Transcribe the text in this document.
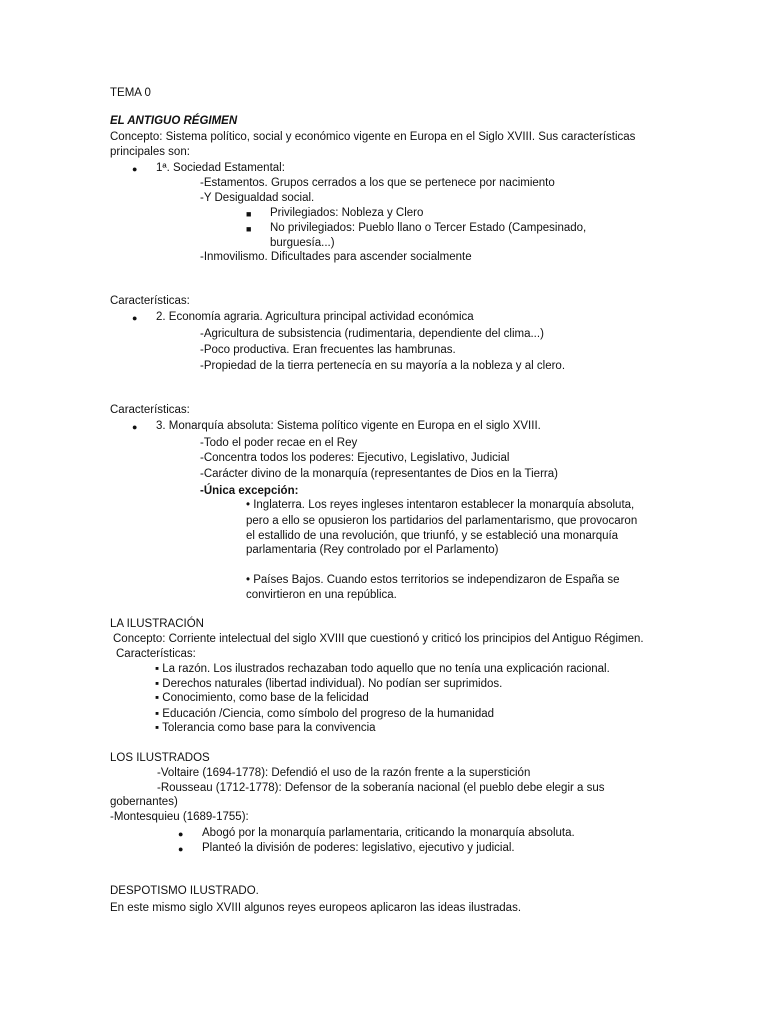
TEMA 0
EL ANTIGUO RÉGIMEN
Concepto: Sistema político, social y económico vigente en Europa en el Siglo XVIII. Sus características
principales son:
● 1ª. Sociedad Estamental:
-Estamentos. Grupos cerrados a los que se pertenece por nacimiento
-Y Desigualdad social.
■ Privilegiados: Nobleza y Clero
■ No privilegiados: Pueblo llano o Tercer Estado (Campesinado,
burguesía...)
-Inmovilismo. Dificultades para ascender socialmente
Características:
● 2. Economía agraria. Agricultura principal actividad económica
-Agricultura de subsistencia (rudimentaria, dependiente del clima...)
-Poco productiva. Eran frecuentes las hambrunas.
-Propiedad de la tierra pertenecía en su mayoría a la nobleza y al clero.
Características:
● 3. Monarquía absoluta: Sistema político vigente en Europa en el siglo XVIII.
-Todo el poder recae en el Rey
-Concentra todos los poderes: Ejecutivo, Legislativo, Judicial
-Carácter divino de la monarquía (representantes de Dios en la Tierra)
-Única excepción:
• Inglaterra. Los reyes ingleses intentaron establecer la monarquía absoluta,
pero a ello se opusieron los partidarios del parlamentarismo, que provocaron
el estallido de una revolución, que triunfó, y se estableció una monarquía
parlamentaria (Rey controlado por el Parlamento)
• Países Bajos. Cuando estos territorios se independizaron de España se
convirtieron en una república.
LA ILUSTRACIÓN
Concepto: Corriente intelectual del siglo XVIII que cuestionó y criticó los principios del Antiguo Régimen.
Características:
▪ La razón. Los ilustrados rechazaban todo aquello que no tenía una explicación racional.
▪ Derechos naturales (libertad individual). No podían ser suprimidos.
▪ Conocimiento, como base de la felicidad
▪ Educación /Ciencia, como símbolo del progreso de la humanidad
▪ Tolerancia como base para la convivencia
LOS ILUSTRADOS
-Voltaire (1694-1778): Defendió el uso de la razón frente a la superstición
-Rousseau (1712-1778): Defensor de la soberanía nacional (el pueblo debe elegir a sus
gobernantes)
-Montesquieu (1689-1755):
● Abogó por la monarquía parlamentaria, criticando la monarquía absoluta.
● Planteó la división de poderes: legislativo, ejecutivo y judicial.
DESPOTISMO ILUSTRADO.
En este mismo siglo XVIII algunos reyes europeos aplicaron las ideas ilustradas.
